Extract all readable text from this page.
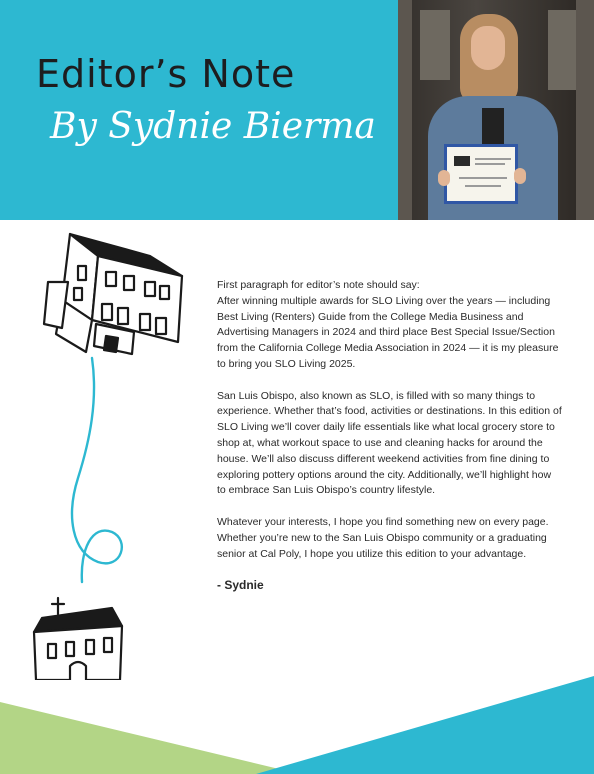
Editor’s Note
By Sydnie Bierma

First paragraph for editor’s note should say:
After winning multiple awards for SLO Living over the years — including Best Living (Renters) Guide from the College Media Business and Advertising Managers in 2024 and third place Best Special Issue/Section from the California College Media Association in 2024 — it is my pleasure to bring you SLO Living 2025.

San Luis Obispo, also known as SLO, is filled with so many things to experience. Whether that’s food, activities or destinations. In this edition of SLO Living we’ll cover daily life essentials like what local grocery store to shop at, what workout space to use and cleaning hacks for around the house. We’ll also discuss different weekend activities from fine dining to exploring pottery options around the city. Additionally, we’ll highlight how to embrace San Luis Obispo’s country lifestyle.

Whatever your interests, I hope you find something new on every page. Whether you’re new to the San Luis Obispo community or a graduating senior at Cal Poly, I hope you utilize this edition to your advantage.

- Sydnie
